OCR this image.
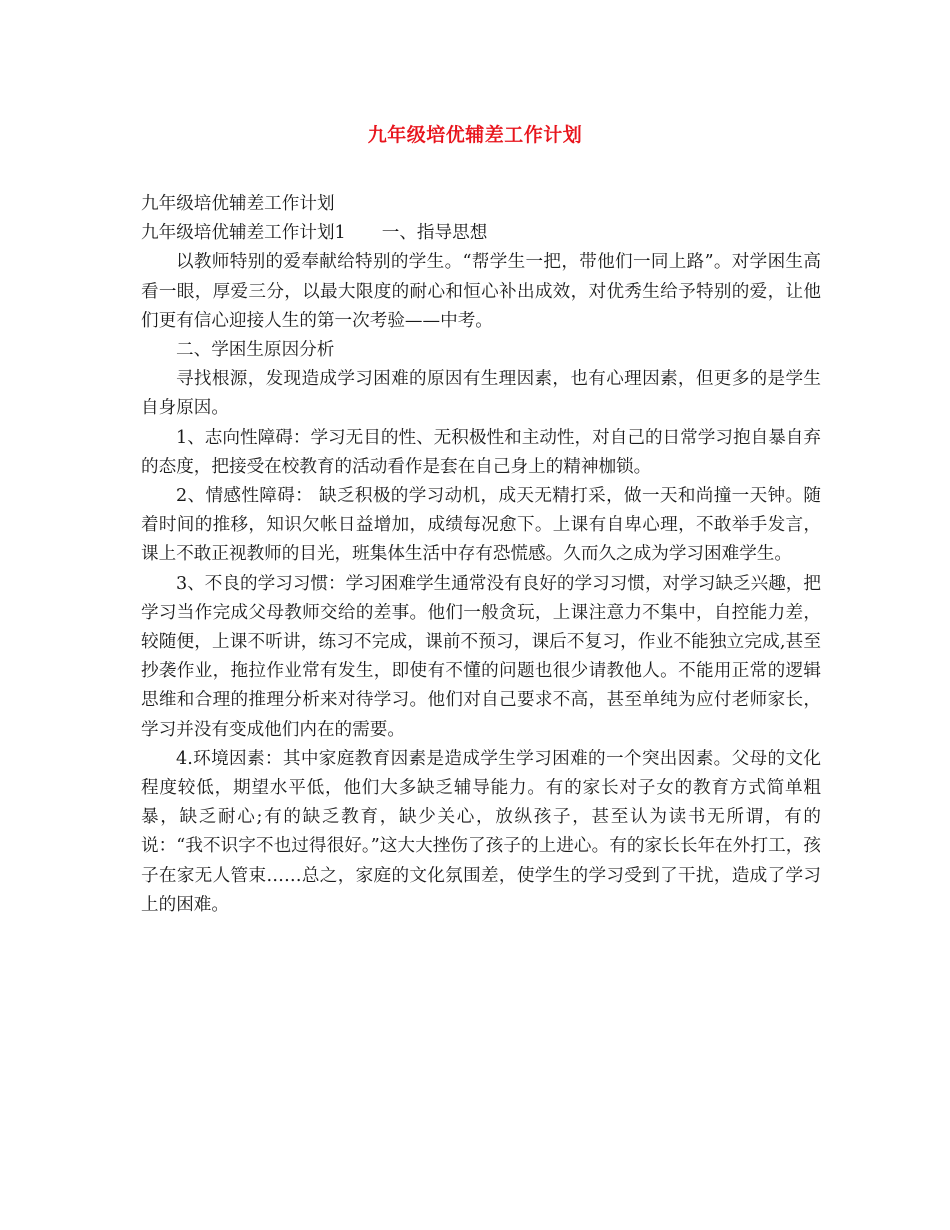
九年级培优辅差工作计划

九年级培优辅差工作计划

九年级培优辅差工作计划1 一、指导思想

以教师特别的爱奉献给特别的学生。“帮学生一把，带他们一同上路”。对学困生高看一眼，厚爱三分，以最大限度的耐心和恒心补出成效，对优秀生给予特别的爱，让他们更有信心迎接人生的第一次考验——中考。

二、学困生原因分析

寻找根源，发现造成学习困难的原因有生理因素，也有心理因素，但更多的是学生自身原因。

1、志向性障碍：学习无目的性、无积极性和主动性，对自己的日常学习抱自暴自弃的态度，把接受在校教育的活动看作是套在自己身上的精神枷锁。

2、情感性障碍： 缺乏积极的学习动机，成天无精打采，做一天和尚撞一天钟。随着时间的推移，知识欠帐日益增加，成绩每况愈下。上课有自卑心理，不敢举手发言，课上不敢正视教师的目光，班集体生活中存有恐慌感。久而久之成为学习困难学生。

3、不良的学习习惯：学习困难学生通常没有良好的学习习惯，对学习缺乏兴趣，把学习当作完成父母教师交给的差事。他们一般贪玩，上课注意力不集中，自控能力差，较随便，上课不听讲，练习不完成，课前不预习，课后不复习，作业不能独立完成,甚至抄袭作业，拖拉作业常有发生，即使有不懂的问题也很少请教他人。不能用正常的逻辑思维和合理的推理分析来对待学习。他们对自己要求不高，甚至单纯为应付老师家长，学习并没有变成他们内在的需要。

4.环境因素：其中家庭教育因素是造成学生学习困难的一个突出因素。父母的文化程度较低，期望水平低，他们大多缺乏辅导能力。有的家长对子女的教育方式简单粗暴，缺乏耐心;有的缺乏教育，缺少关心，放纵孩子，甚至认为读书无所谓，有的说：“我不识字不也过得很好。”这大大挫伤了孩子的上进心。有的家长长年在外打工，孩子在家无人管束……总之，家庭的文化氛围差，使学生的学习受到了干扰，造成了学习上的困难。
